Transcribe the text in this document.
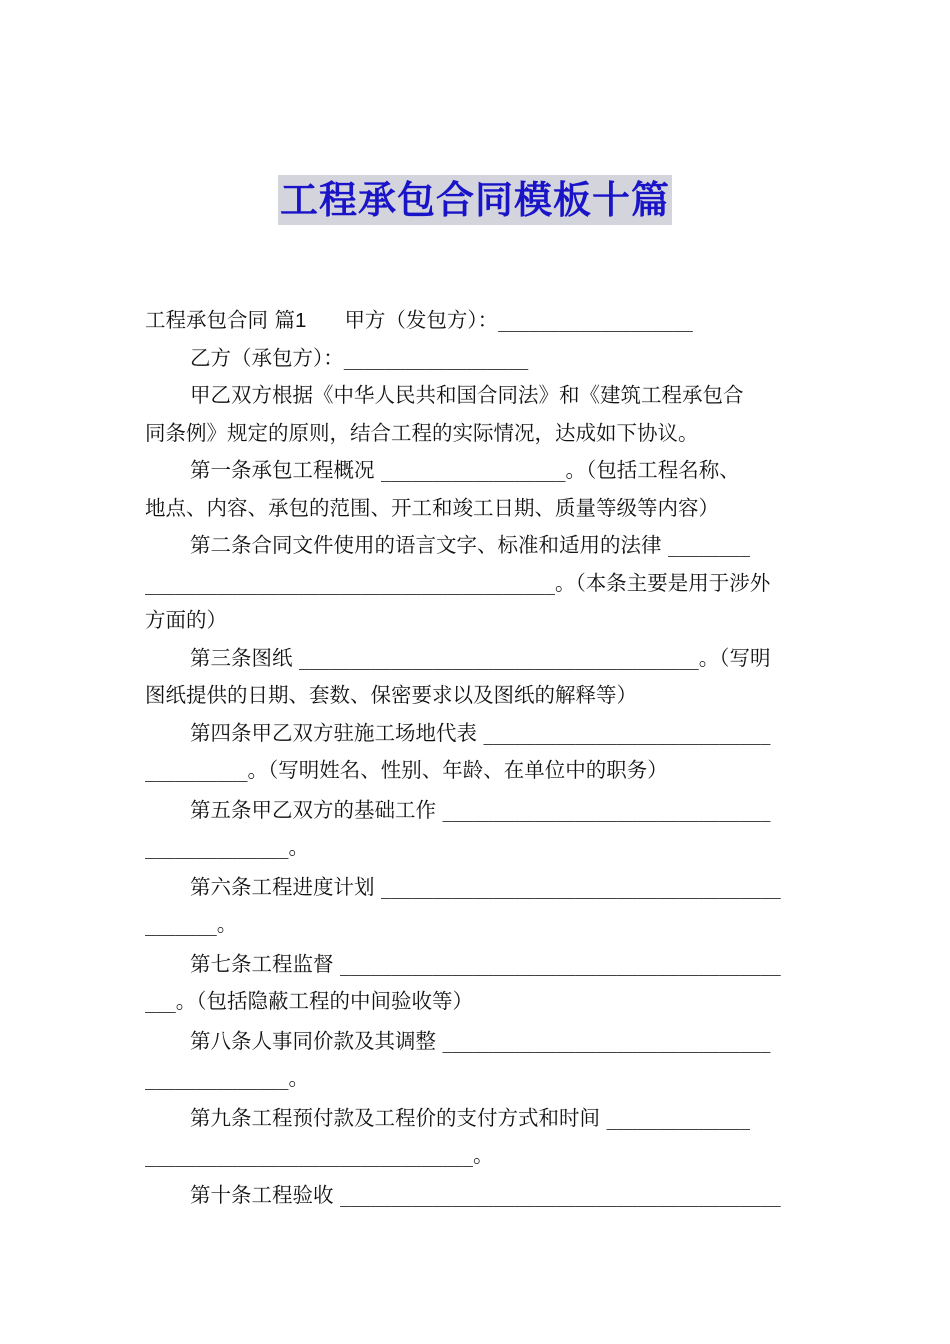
工程承包合同模板十篇

工程承包合同 篇1 甲方（发包方）：___________________

乙方（承包方）：__________________

甲乙双方根据《中华人民共和国合同法》和《建筑工程承包合
同条例》规定的原则，结合工程的实际情况，达成如下协议。
第一条承包工程概况 __________________。（包括工程名称、
地点、内容、承包的范围、开工和竣工日期、质量等级等内容）
第二条合同文件使用的语言文字、标准和适用的法律 ________
________________________________________。（本条主要是用于涉外
方面的）
第三条图纸 _______________________________________。（写明
图纸提供的日期、套数、保密要求以及图纸的解释等）
第四条甲乙双方驻施工场地代表 ____________________________
__________。（写明姓名、性别、年龄、在单位中的职务）
第五条甲乙双方的基础工作 ________________________________
______________。
第六条工程进度计划 _______________________________________
_______。
第七条工程监督 ___________________________________________
___。（包括隐蔽工程的中间验收等）
第八条人事同价款及其调整 ________________________________
______________。
第九条工程预付款及工程价的支付方式和时间 ______________
________________________________。
第十条工程验收 ___________________________________________
